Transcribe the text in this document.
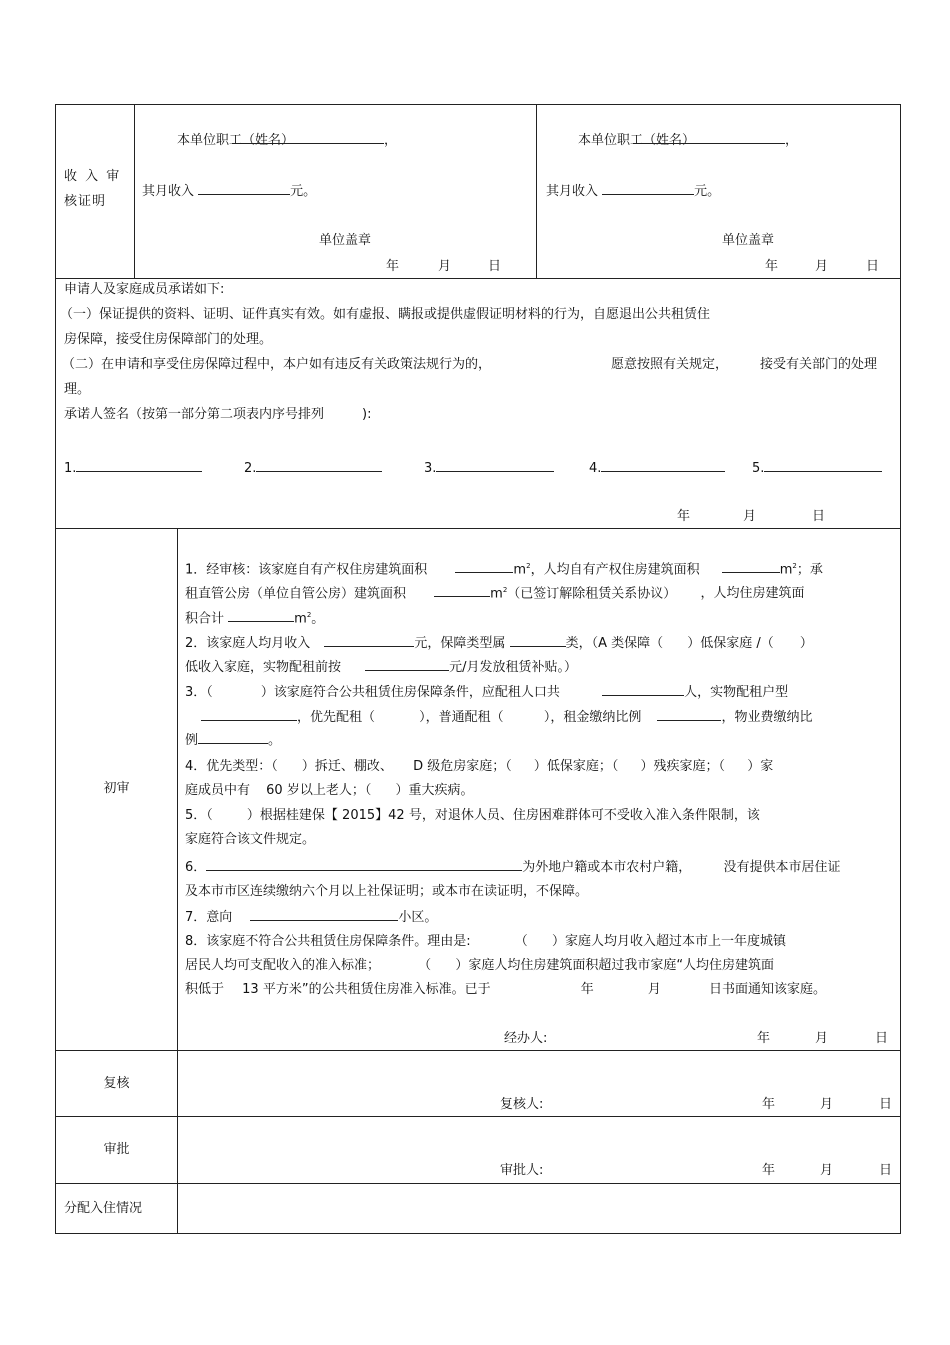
收 入 审
核证明
本单位职工（姓名）	，
其月收入	元。
单位盖章
年	月	日
本单位职工（姓名）	，
其月收入	元。
单位盖章
年	月	日
申请人及家庭成员承诺如下:
（一）保证提供的资料、证明、证件真实有效。如有虚报、瞒报或提供虚假证明材料的行为，自愿退出公共租赁住
房保障，接受住房保障部门的处理。
（二）在申请和享受住房保障过程中，本户如有违反有关政策法规行为的，	愿意按照有关规定， 接受有关部门的处理
理。
承诺人签名（按第一部分第二项表内序号排列	):
1.	2.	3.	4.	5.
年	月	日
初审
1．经审核：该家庭自有产权住房建筑面积	$m^2$，人均自有产权住房建筑面积	$m^2$；承
租直管公房（单位自管公房）建筑面积	$m^2$（已签订解除租赁关系协议） ，人均住房建筑面
积合计	$m^2$。
2．该家庭人均月收入	元，保障类型属	类，（A 类保障（ ）低保家庭 /（ ）
低收入家庭，实物配租前按	元/月发放租赁补贴。）
3．（	）该家庭符合公共租赁住房保障条件，应配租人口共	人，实物配租户型
，优先配租（	），普通配租（	），租金缴纳比例	，物业费缴纳比
例	。
4．优先类型：（ ）拆迁、棚改、 D 级危房家庭；（ ）低保家庭；（ ）残疾家庭；（ ）家
庭成员中有 60 岁以上老人；（ ）重大疾病。
5．（	）根据桂建保【 2015】42 号，对退休人员、住房困难群体可不受收入准入条件限制，该
家庭符合该文件规定。
6．	为外地户籍或本市农村户籍， 没有提供本市居住证
及本市市区连续缴纳六个月以上社保证明；或本市在读证明，不保障。
7．意向	小区。
8．该家庭不符合公共租赁住房保障条件。理由是:	（ ）家庭人均月收入超过本市上一年度城镇
居民人均可支配收入的准入标准；	（ ）家庭人均住房建筑面积超过我市家庭“人均住房建筑面
积低于 13 平方米”的公共租赁住房准入标准。已于	年	月	日书面通知该家庭。
经办人:	年	月	日
复核
复核人:	年	月	日
审批
审批人:	年	月	日
分配入住情况
